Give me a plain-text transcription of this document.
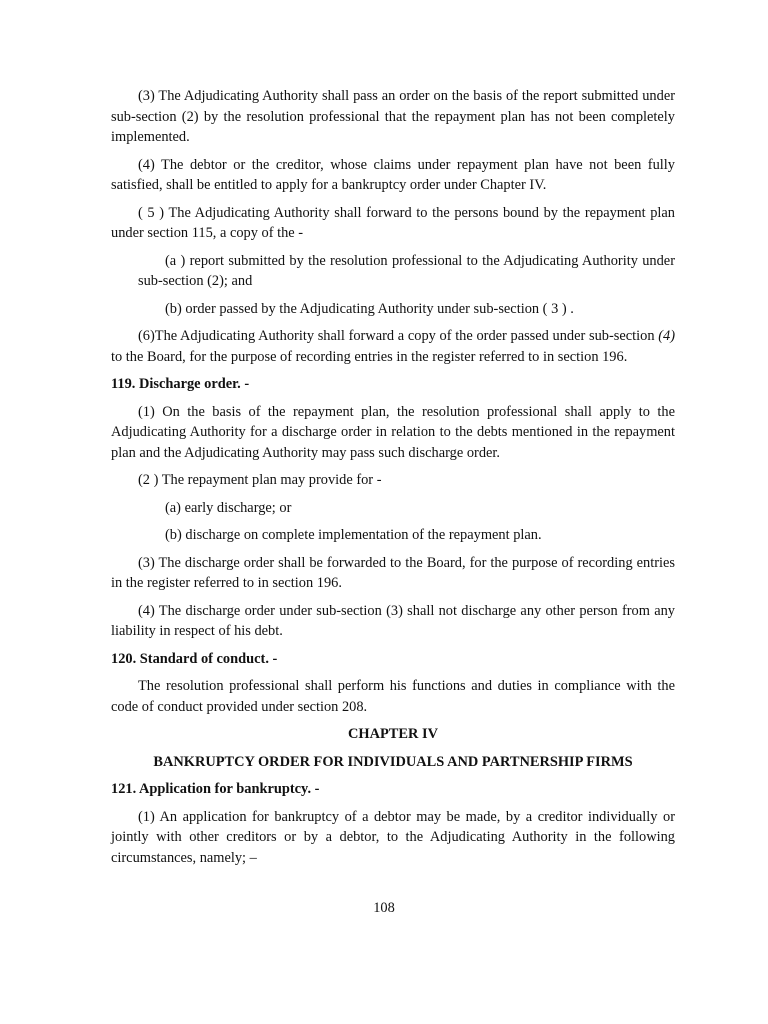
(3) The Adjudicating Authority shall pass an order on the basis of the report submitted under sub-section (2) by the resolution professional that the repayment plan has not been completely implemented.

(4) The debtor or the creditor, whose claims under repayment plan have not been fully satisfied, shall be entitled to apply for a bankruptcy order under Chapter IV.

( 5 ) The Adjudicating Authority shall forward to the persons bound by the repayment plan under section 115, a copy of the -

(a ) report submitted by the resolution professional to the Adjudicating Authority under sub-section (2); and

(b) order passed by the Adjudicating Authority under sub-section ( 3 ) .

(6)The Adjudicating Authority shall forward a copy of the order passed under sub-section (4) to the Board, for the purpose of recording entries in the register referred to in section 196.

119. Discharge order. -

(1) On the basis of the repayment plan, the resolution professional shall apply to the Adjudicating Authority for a discharge order in relation to the debts mentioned in the repayment plan and the Adjudicating Authority may pass such discharge order.

(2 ) The repayment plan may provide for -

(a) early discharge; or

(b) discharge on complete implementation of the repayment plan.

(3) The discharge order shall be forwarded to the Board, for the purpose of recording entries in the register referred to in section 196.

(4) The discharge order under sub-section (3) shall not discharge any other person from any liability in respect of his debt.

120. Standard of conduct. -

The resolution professional shall perform his functions and duties in compliance with the code of conduct provided under section 208.

CHAPTER IV

BANKRUPTCY ORDER FOR INDIVIDUALS AND PARTNERSHIP FIRMS

121. Application for bankruptcy. -

(1) An application for bankruptcy of a debtor may be made, by a creditor individually or jointly with other creditors or by a debtor, to the Adjudicating Authority in the following circumstances, namely; –

108
